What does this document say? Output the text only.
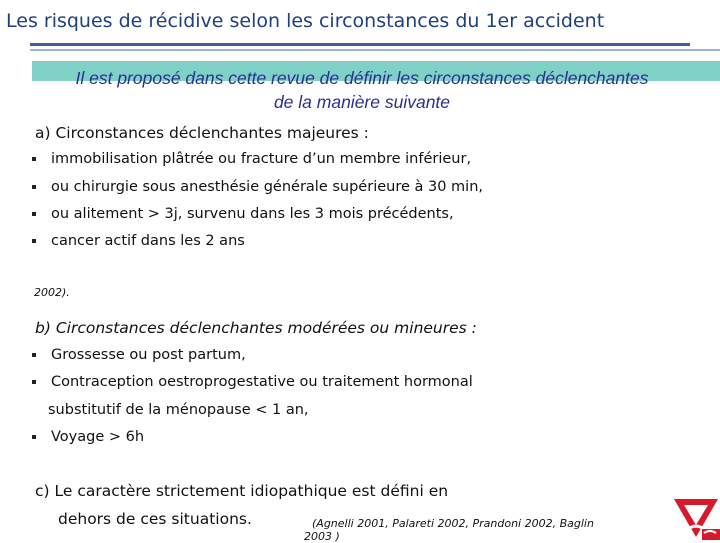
Les risques de récidive selon les circonstances du 1er accident
Il est proposé dans cette revue de définir les circonstances déclenchantes
de la manière suivante
a) Circonstances déclenchantes majeures :
immobilisation plâtrée ou fracture d’un membre inférieur,
ou chirurgie sous anesthésie générale supérieure à 30 min,
ou alitement > 3j, survenu dans les 3 mois précédents,
cancer actif dans les 2 ans
2002).
b) Circonstances déclenchantes modérées ou mineures :
Grossesse ou post partum,
Contraception oestroprogestative ou traitement hormonal
substitutif de la ménopause < 1 an,
Voyage > 6h
c) Le caractère strictement idiopathique est défini en
dehors de ces situations.	(Agnelli 2001, Palareti 2002, Prandoni 2002, Baglin
2003 )
